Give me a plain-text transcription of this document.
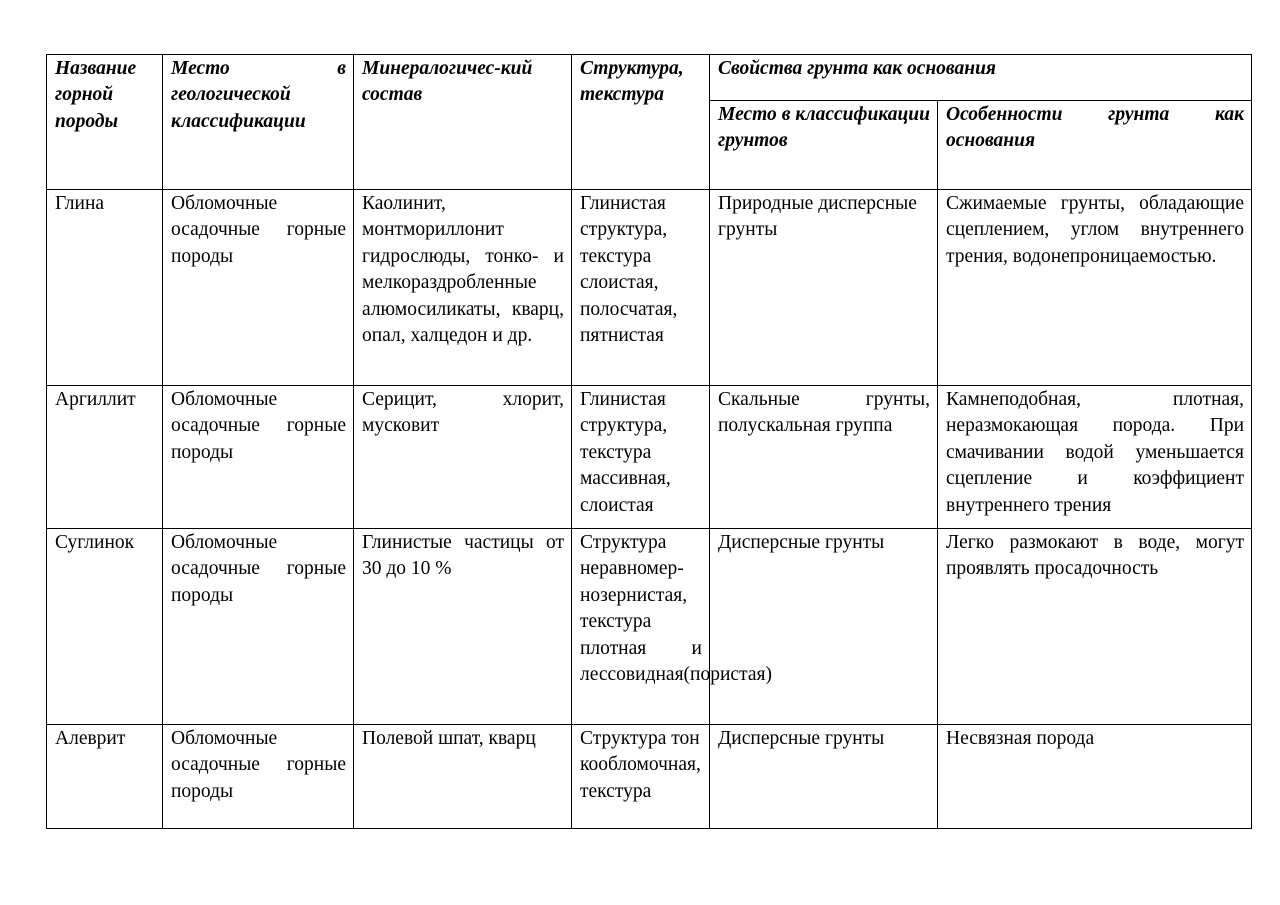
Название горной породы	Место в геологической классификации	Минералогичес-кий состав	Структура, текстура	Свойства грунта как основания	

				Место в классификации грунтов	Особенности грунта как основания

Глина	Обломочные осадочные горные породы	Каолинит, монтмориллонит гидрослюды, тонко- и мелкораздробленные алюмосиликаты, кварц, опал, халцедон и др.	Глинистая структура, текстура слоистая, полосчатая, пятнистая	Природные дисперсные грунты	Сжимаемые грунты, обладающие сцеплением, углом внутреннего трения, водонепроницаемостью.

Аргиллит	Обломочные осадочные горные породы	Серицит, хлорит, мусковит	Глинистая структура, текстура массивная, слоистая	Скальные грунты, полускальная группа	Камнеподобная, плотная, неразмокающая порода. При смачивании водой уменьшается сцепление и коэффициент внутреннего трения

Суглинок	Обломочные осадочные горные породы	Глинистые частицы от 30 до 10 %	Структура неравномер-нозернистая, текстура плотная и лессовидная(пористая)	Дисперсные грунты	Легко размокают в воде, могут проявлять просадочность

Алеврит	Обломочные осадочные горные породы	Полевой шпат, кварц	Структура тонкообломочная, текстура	Дисперсные грунты	Несвязная порода
